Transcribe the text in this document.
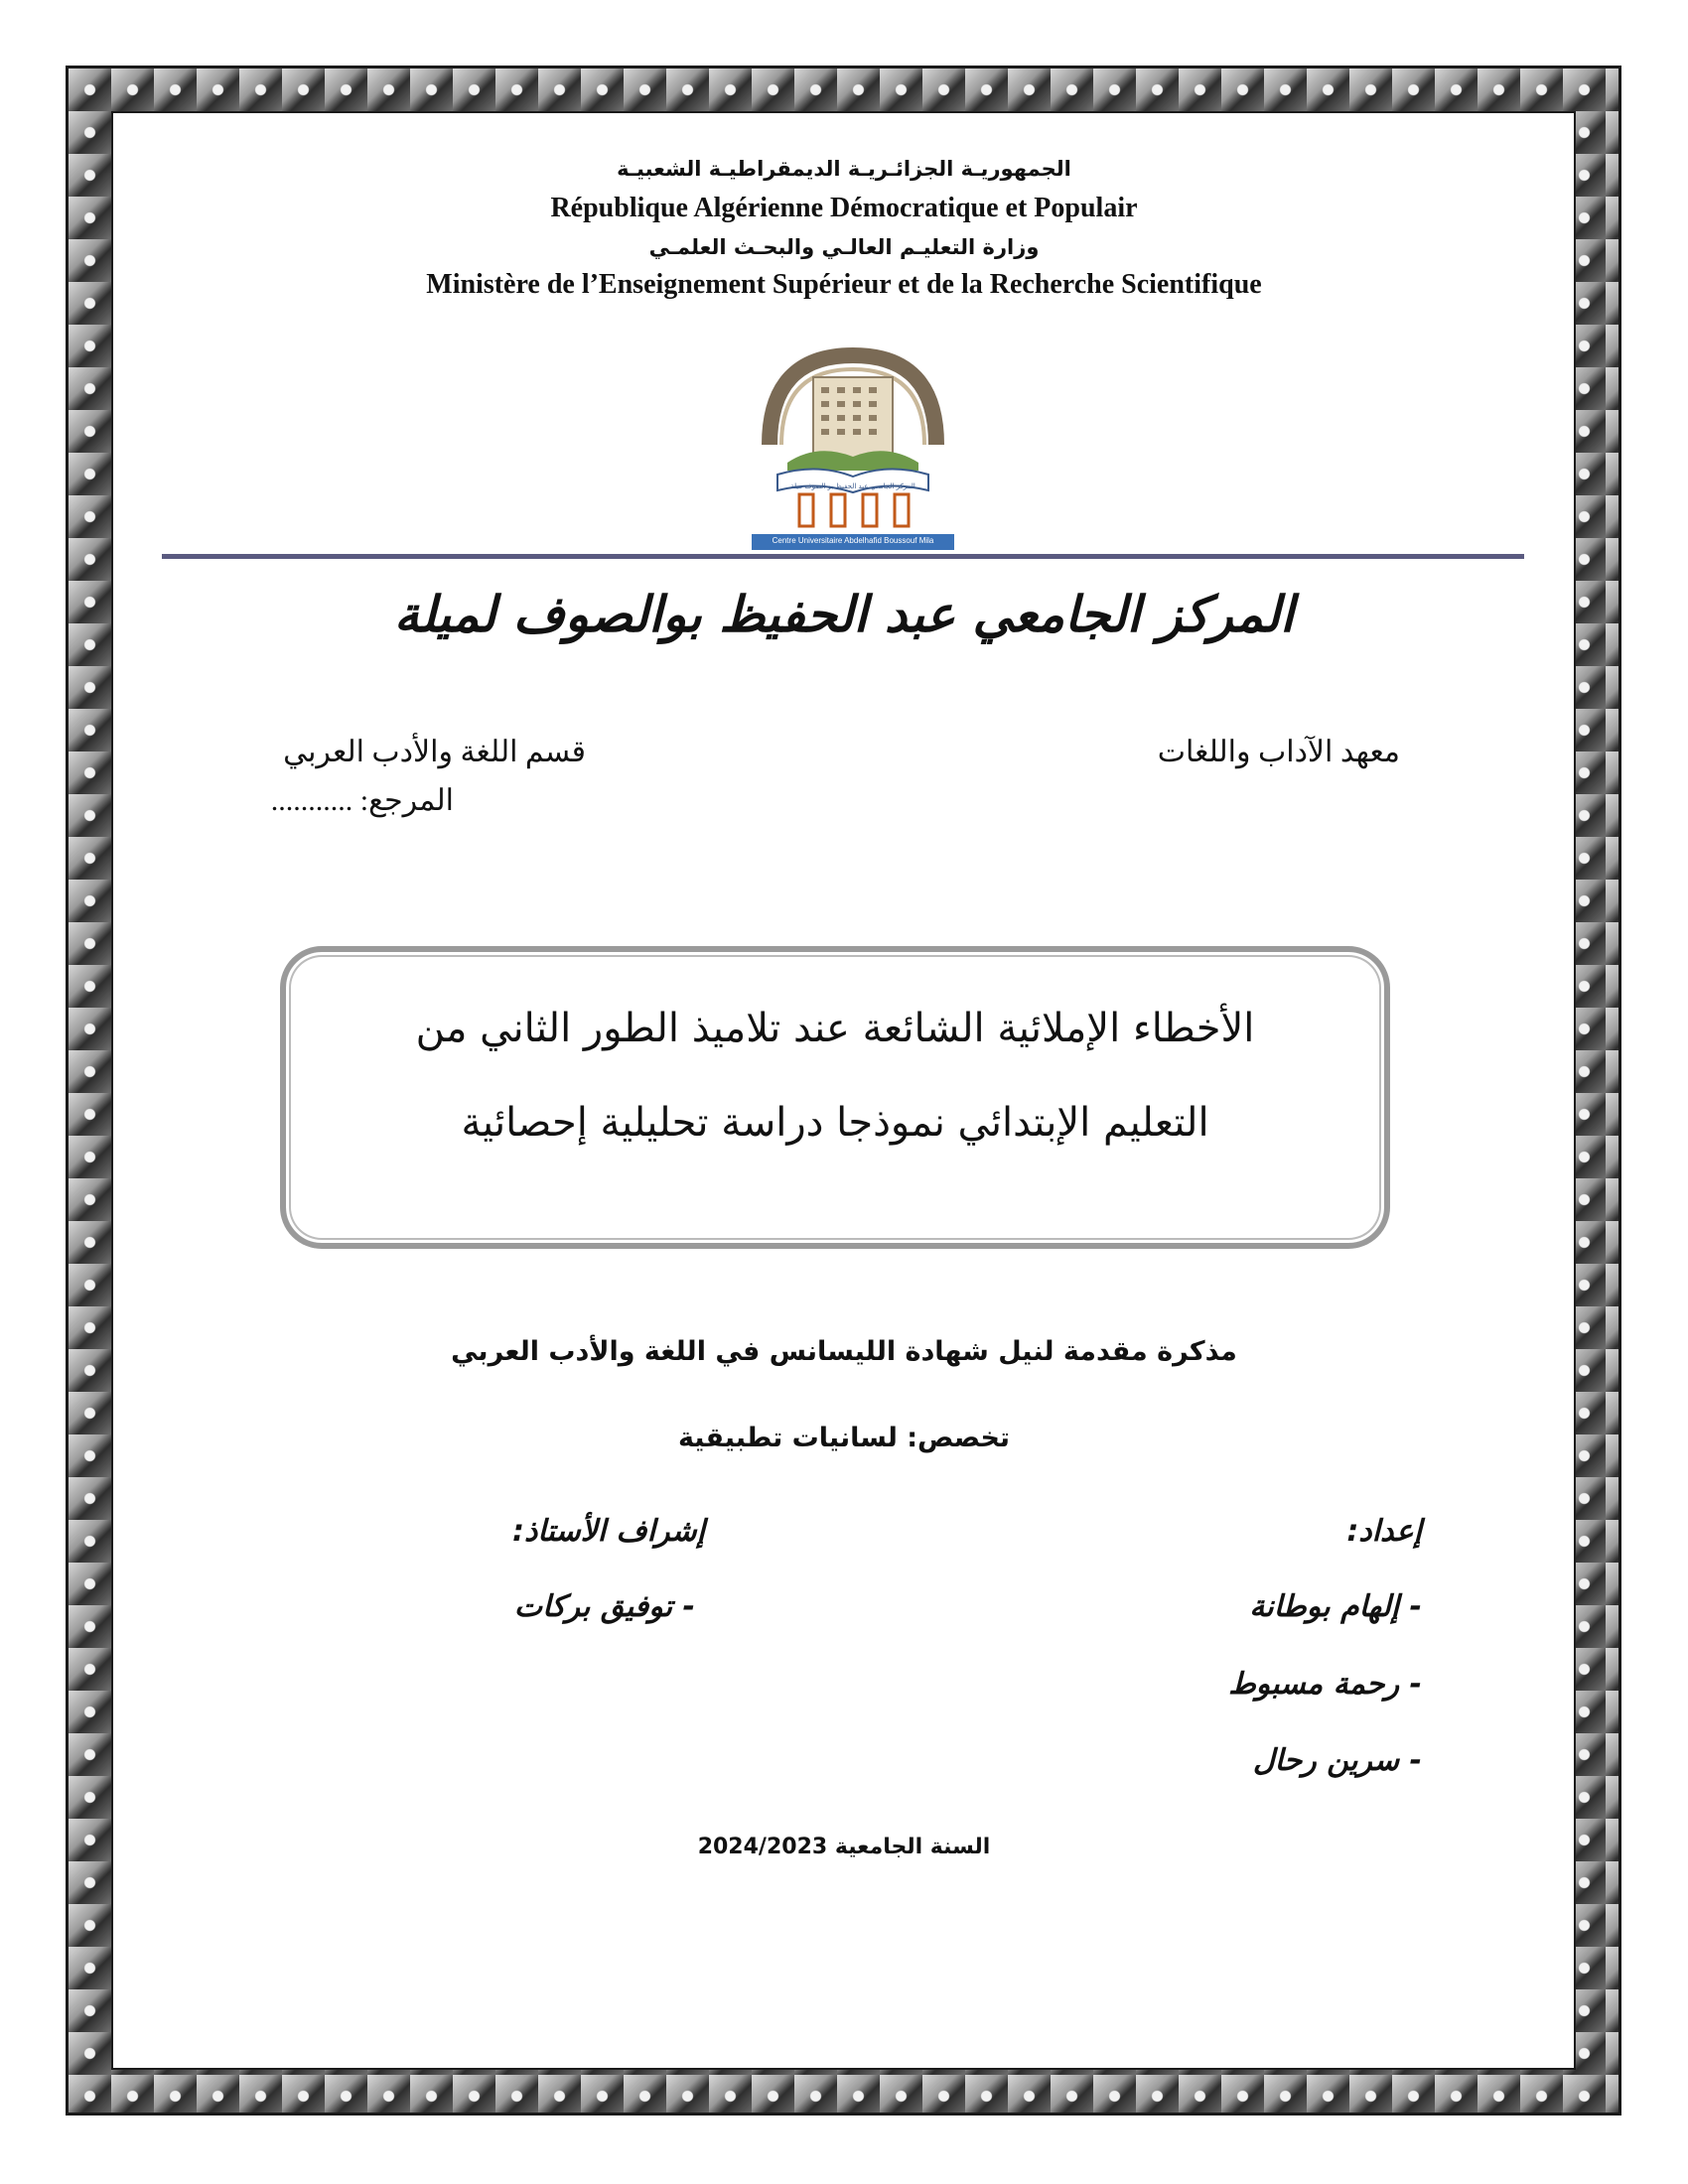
الجمهوريـة الجزائـريـة الديمقراطيـة الشعبيـة
République Algérienne Démocratique et Populair
وزارة التعليـم العالـي والبحـث العلمـي
Ministère de l’Enseignement Supérieur et de la Recherche Scientifique
المركز الجامعي عبد الحفيظ بو الصوف ميلة
Centre Universitaire Abdelhafid Boussouf Mila
المركز الجامعي عبد الحفيظ بوالصوف لميلة
معهد الآداب واللغات
قسم اللغة والأدب العربي
المرجع: ...........
الأخطاء الإملائية الشائعة عند تلاميذ الطور الثاني من
التعليم الإبتدائي نموذجا دراسة تحليلية إحصائية
مذكرة مقدمة لنيل شهادة الليسانس في اللغة والأدب العربي
تخصص: لسانيات تطبيقية
إعداد:
- إلهام بوطانة
- رحمة مسبوط
- سرين رحال
إشراف الأستاذ:
- توفيق بركات
السنة الجامعية 2024/2023
